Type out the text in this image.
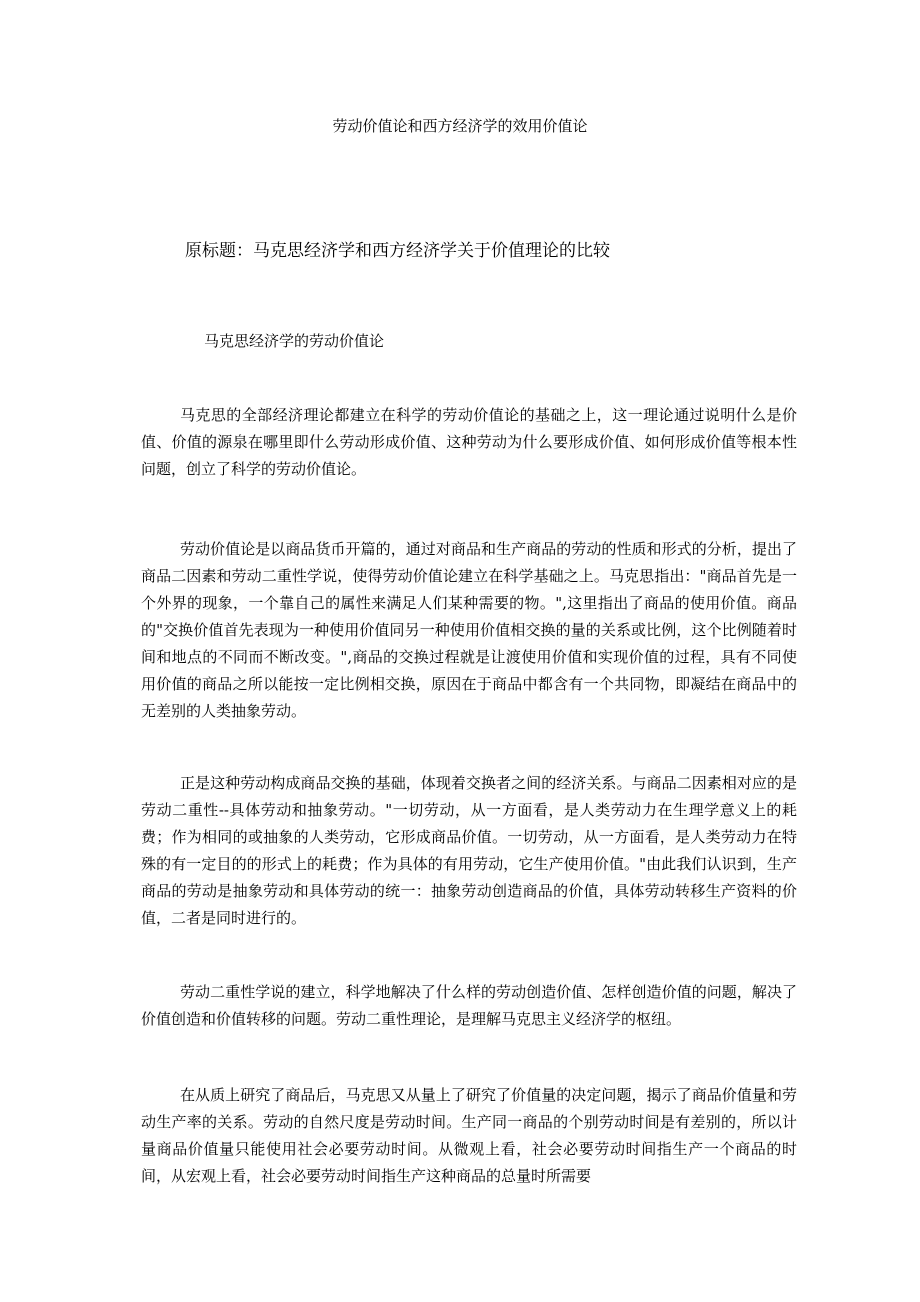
劳动价值论和西方经济学的效用价值论
原标题：马克思经济学和西方经济学关于价值理论的比较
马克思经济学的劳动价值论

马克思的全部经济理论都建立在科学的劳动价值论的基础之上，这一理论通过说明什么是价值、价值的源泉在哪里即什么劳动形成价值、这种劳动为什么要形成价值、如何形成价值等根本性问题，创立了科学的劳动价值论。

劳动价值论是以商品货币开篇的，通过对商品和生产商品的劳动的性质和形式的分析，提出了商品二因素和劳动二重性学说，使得劳动价值论建立在科学基础之上。马克思指出："商品首先是一个外界的现象，一个靠自己的属性来满足人们某种需要的物。",这里指出了商品的使用价值。商品的"交换价值首先表现为一种使用价值同另一种使用价值相交换的量的关系或比例，这个比例随着时间和地点的不同而不断改变。",商品的交换过程就是让渡使用价值和实现价值的过程，具有不同使用价值的商品之所以能按一定比例相交换，原因在于商品中都含有一个共同物，即凝结在商品中的无差别的人类抽象劳动。

正是这种劳动构成商品交换的基础，体现着交换者之间的经济关系。与商品二因素相对应的是劳动二重性--具体劳动和抽象劳动。"一切劳动，从一方面看，是人类劳动力在生理学意义上的耗费；作为相同的或抽象的人类劳动，它形成商品价值。一切劳动，从一方面看，是人类劳动力在特殊的有一定目的的形式上的耗费；作为具体的有用劳动，它生产使用价值。"由此我们认识到，生产商品的劳动是抽象劳动和具体劳动的统一：抽象劳动创造商品的价值，具体劳动转移生产资料的价值，二者是同时进行的。

劳动二重性学说的建立，科学地解决了什么样的劳动创造价值、怎样创造价值的问题，解决了价值创造和价值转移的问题。劳动二重性理论，是理解马克思主义经济学的枢纽。

在从质上研究了商品后，马克思又从量上了研究了价值量的决定问题，揭示了商品价值量和劳动生产率的关系。劳动的自然尺度是劳动时间。生产同一商品的个别劳动时间是有差别的，所以计量商品价值量只能使用社会必要劳动时间。从微观上看，社会必要劳动时间指生产一个商品的时间，从宏观上看，社会必要劳动时间指生产这种商品的总量时所需要
